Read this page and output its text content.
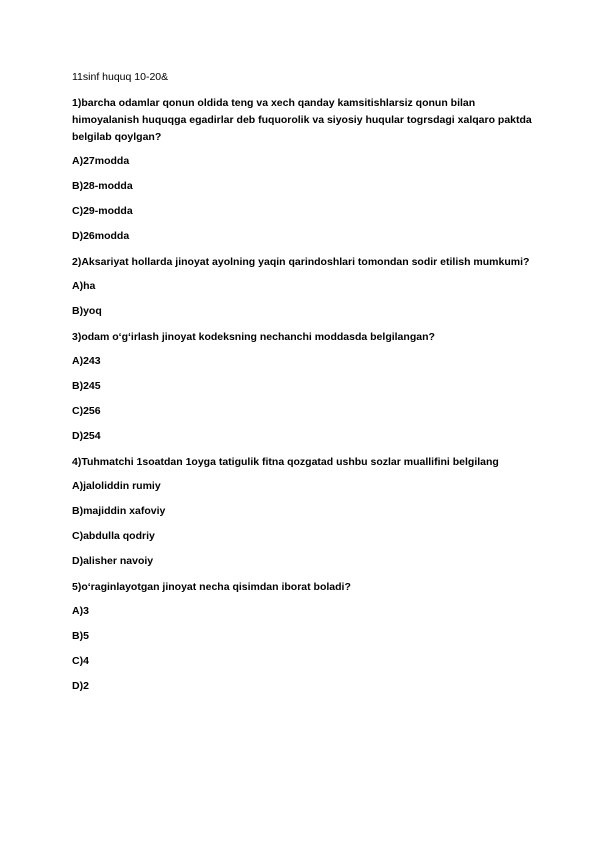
11sinf huquq 10-20&
1)barcha odamlar qonun oldida teng va xech qanday kamsitishlarsiz qonun bilan himoyalanish huquqga egadirlar deb fuquorolik va siyosiy huqular togrsdagi xalqaro paktda belgilab qoylgan?
A)27modda
B)28-modda
C)29-modda
D)26modda
2)Aksariyat hollarda jinoyat ayolning yaqin qarindoshlari tomondan sodir etilish mumkumi?
A)ha
B)yoq
3)odam oʻgʻirlash jinoyat kodeksning nechanchi moddasda belgilangan?
A)243
B)245
C)256
D)254
4)Tuhmatchi 1soatdan 1oyga tatigulik fitna qozgatad ushbu sozlar muallifini belgilang
A)jaloliddin rumiy
B)majiddin xafoviy
C)abdulla qodriy
D)alisher navoiy
5)oʻraginlayotgan jinoyat necha qisimdan iborat boladi?
A)3
B)5
C)4
D)2
